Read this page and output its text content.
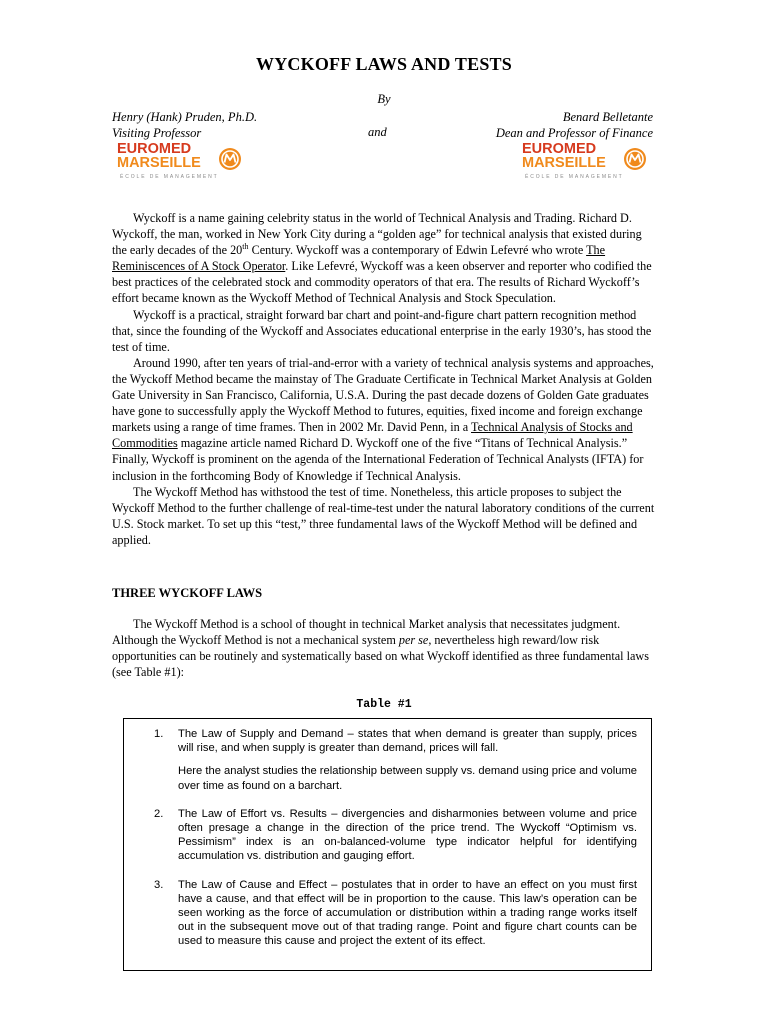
WYCKOFF LAWS AND TESTS
By
Henry (Hank) Pruden, Ph.D.
Visiting Professor	and
Benard Belletante
Dean and Professor of Finance
EUROMED
MARSEILLE
ÉCOLE DE MANAGEMENT
EUROMED
MARSEILLE
ÉCOLE DE MANAGEMENT

Wyckoff is a name gaining celebrity status in the world of Technical Analysis and Trading. Richard D. Wyckoff, the man, worked in New York City during a “golden age” for technical analysis that existed during the early decades of the 20th Century. Wyckoff was a contemporary of Edwin Lefevré who wrote The Reminiscences of A Stock Operator. Like Lefevré, Wyckoff was a keen observer and reporter who codified the best practices of the celebrated stock and commodity operators of that era. The results of Richard Wyckoff’s effort became known as the Wyckoff Method of Technical Analysis and Stock Speculation.

Wyckoff is a practical, straight forward bar chart and point-and-figure chart pattern recognition method that, since the founding of the Wyckoff and Associates educational enterprise in the early 1930’s, has stood the test of time.

Around 1990, after ten years of trial-and-error with a variety of technical analysis systems and approaches, the Wyckoff Method became the mainstay of The Graduate Certificate in Technical Market Analysis at Golden Gate University in San Francisco, California, U.S.A. During the past decade dozens of Golden Gate graduates have gone to successfully apply the Wyckoff Method to futures, equities, fixed income and foreign exchange markets using a range of time frames. Then in 2002 Mr. David Penn, in a Technical Analysis of Stocks and Commodities magazine article named Richard D. Wyckoff one of the five “Titans of Technical Analysis.” Finally, Wyckoff is prominent on the agenda of the International Federation of Technical Analysts (IFTA) for inclusion in the forthcoming Body of Knowledge if Technical Analysis.

The Wyckoff Method has withstood the test of time. Nonetheless, this article proposes to subject the Wyckoff Method to the further challenge of real-time-test under the natural laboratory conditions of the current U.S. Stock market. To set up this “test,” three fundamental laws of the Wyckoff Method will be defined and applied.

THREE WYCKOFF LAWS

The Wyckoff Method is a school of thought in technical Market analysis that necessitates judgment. Although the Wyckoff Method is not a mechanical system per se, nevertheless high reward/low risk opportunities can be routinely and systematically based on what Wyckoff identified as three fundamental laws (see Table #1):

Table #1
1. The Law of Supply and Demand – states that when demand is greater than supply, prices will rise, and when supply is greater than demand, prices will fall.

Here the analyst studies the relationship between supply vs. demand using price and volume over time as found on a barchart.

2. The Law of Effort vs. Results – divergencies and disharmonies between volume and price often presage a change in the direction of the price trend. The Wyckoff “Optimism vs. Pessimism” index is an on-balanced-volume type indicator helpful for identifying accumulation vs. distribution and gauging effort.

3. The Law of Cause and Effect – postulates that in order to have an effect on you must first have a cause, and that effect will be in proportion to the cause. This law’s operation can be seen working as the force of accumulation or distribution within a trading range works itself out in the subsequent move out of that trading range. Point and figure chart counts can be used to measure this cause and project the extent of its effect.
